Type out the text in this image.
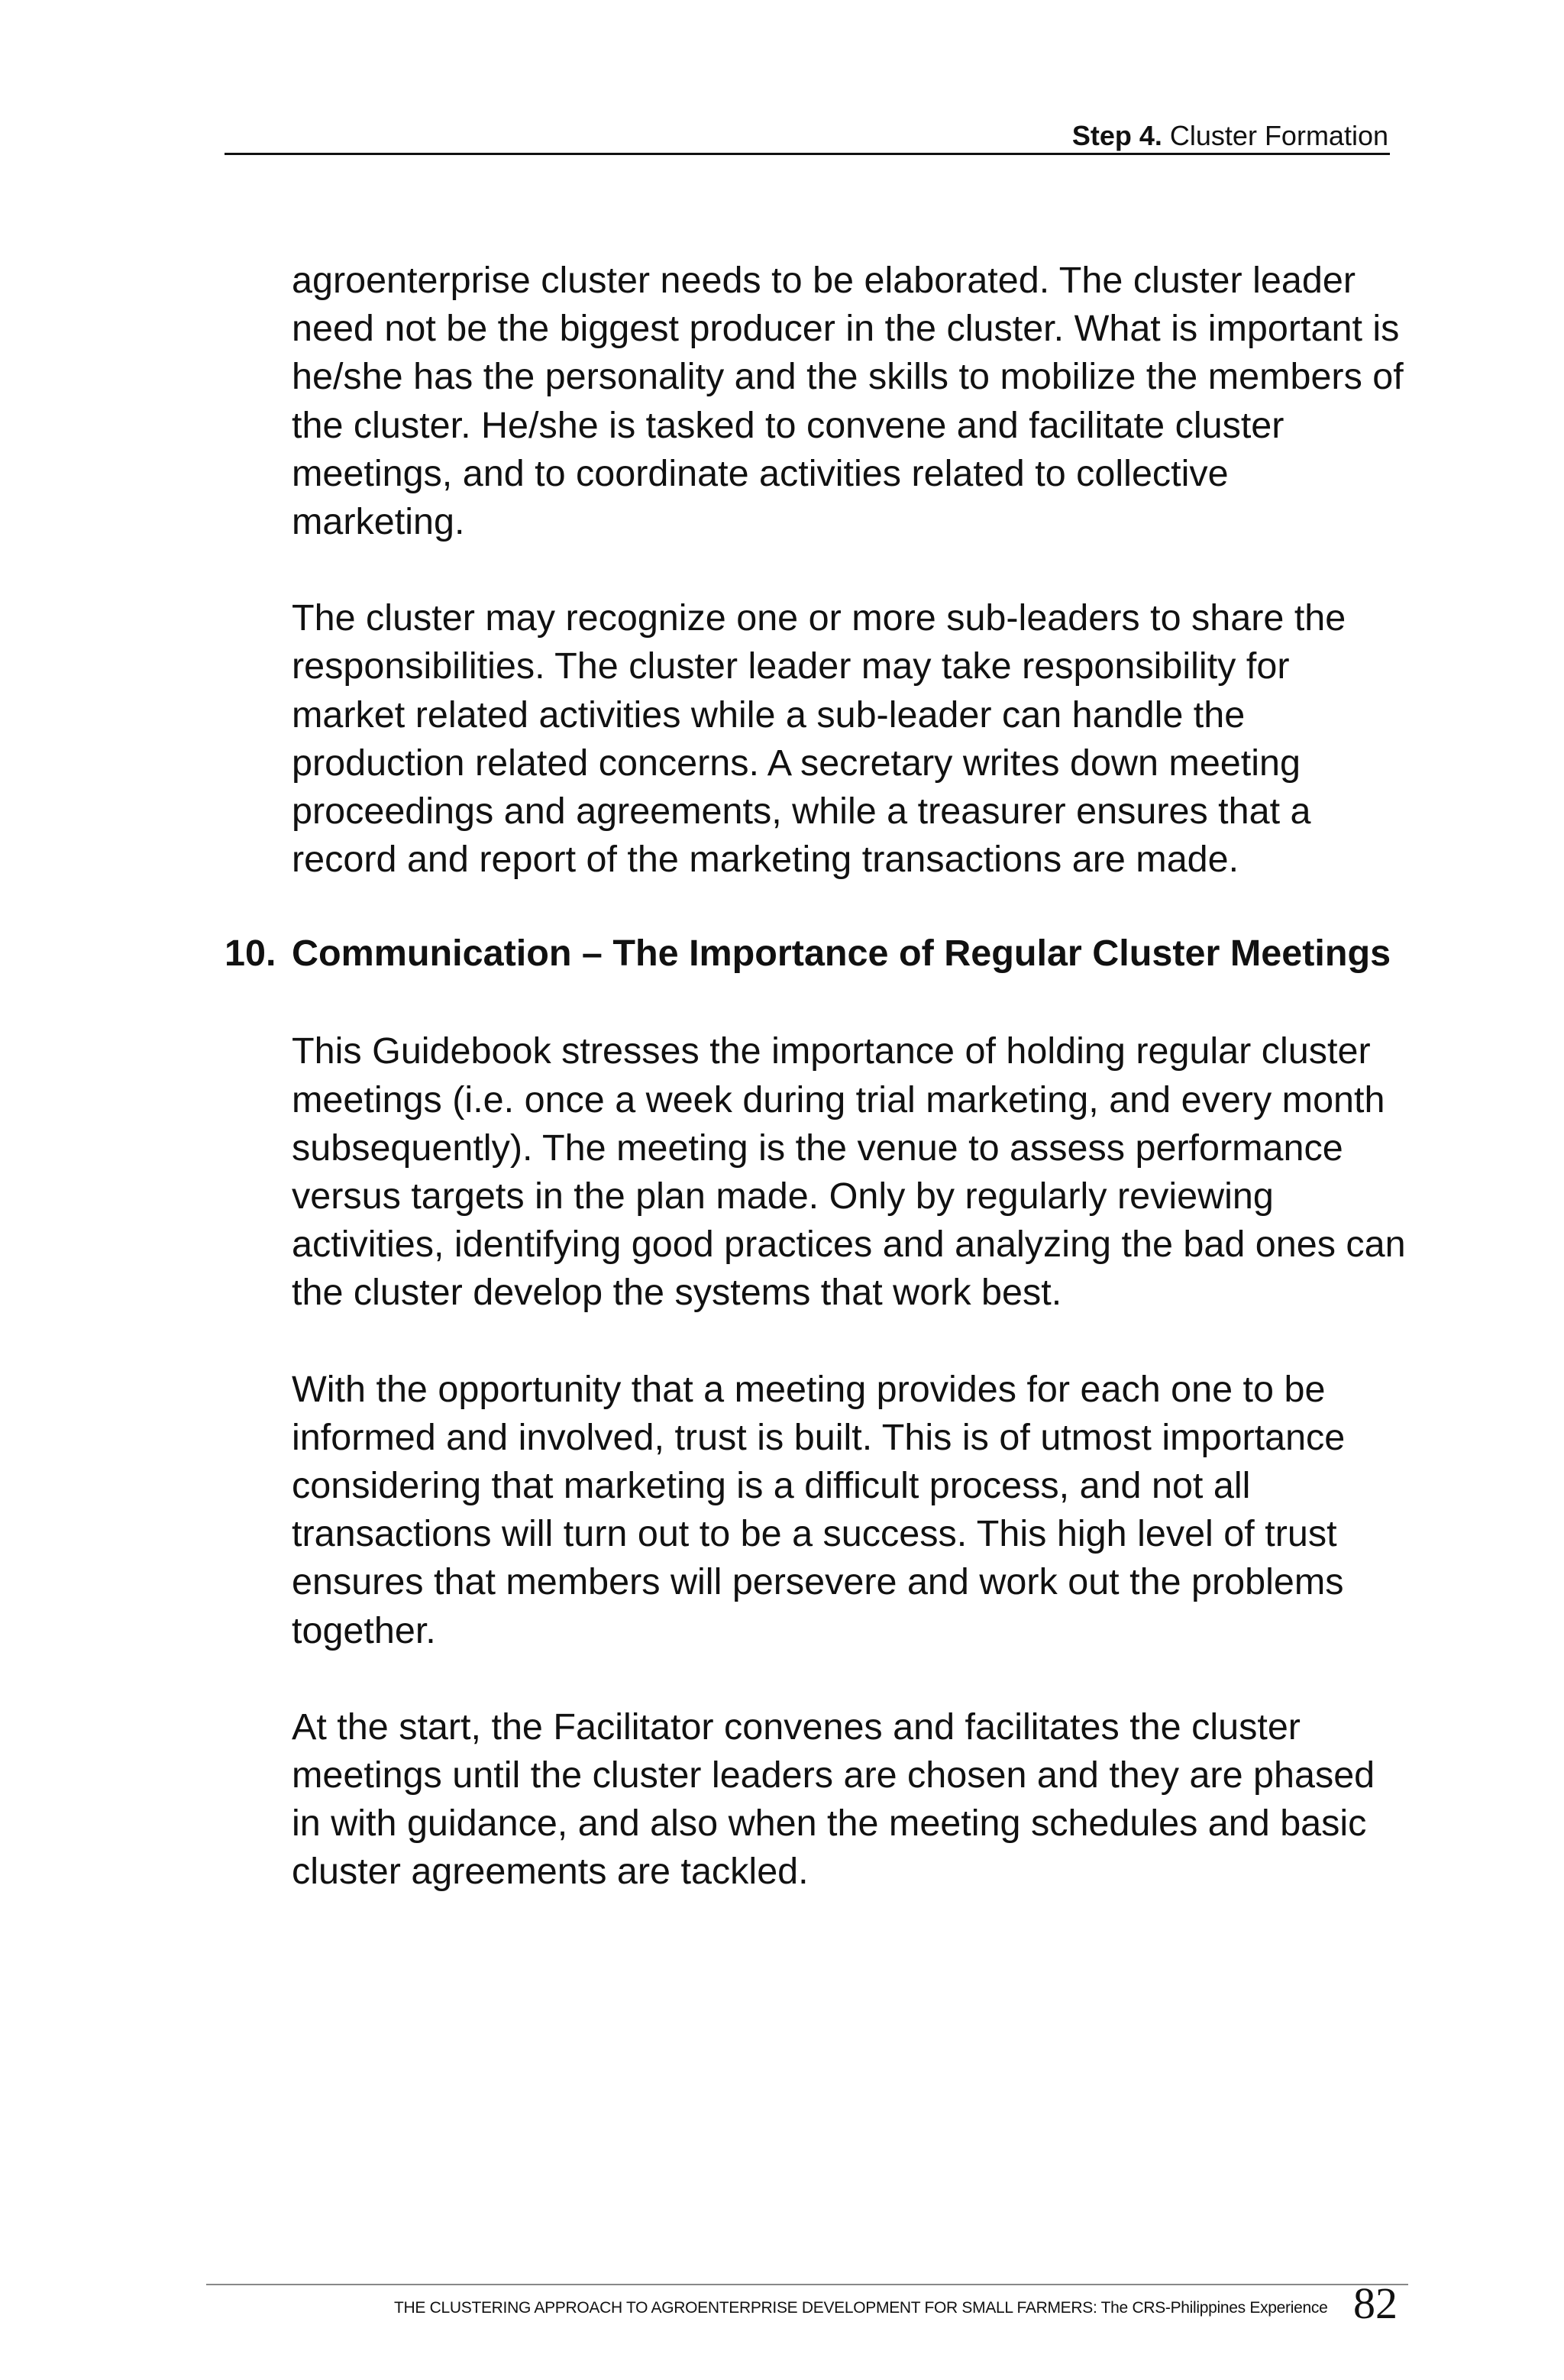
Step 4. Cluster Formation

agroenterprise cluster needs to be elaborated. The cluster leader need not be the biggest producer in the cluster. What is important is he/she has the personality and the skills to mobilize the members of the cluster. He/she is tasked to convene and facilitate cluster meetings, and to coordinate activities related to collective marketing.

The cluster may recognize one or more sub-leaders to share the responsibilities. The cluster leader may take responsibility for market related activities while a sub-leader can handle the production related concerns. A secretary writes down meeting proceedings and agreements, while a treasurer ensures that a record and report of the marketing transactions are made.

10. Communication – The Importance of Regular Cluster Meetings

This Guidebook stresses the importance of holding regular cluster meetings (i.e. once a week during trial marketing, and every month subsequently). The meeting is the venue to assess performance versus targets in the plan made. Only by regularly reviewing activities, identifying good practices and analyzing the bad ones can the cluster develop the systems that work best.

With the opportunity that a meeting provides for each one to be informed and involved, trust is built. This is of utmost importance considering that marketing is a difficult process, and not all transactions will turn out to be a success. This high level of trust ensures that members will persevere and work out the problems together.

At the start, the Facilitator convenes and facilitates the cluster meetings until the cluster leaders are chosen and they are phased in with guidance, and also when the meeting schedules and basic cluster agreements are tackled.

THE CLUSTERING APPROACH TO AGROENTERPRISE DEVELOPMENT FOR SMALL FARMERS: The CRS-Philippines Experience 82
